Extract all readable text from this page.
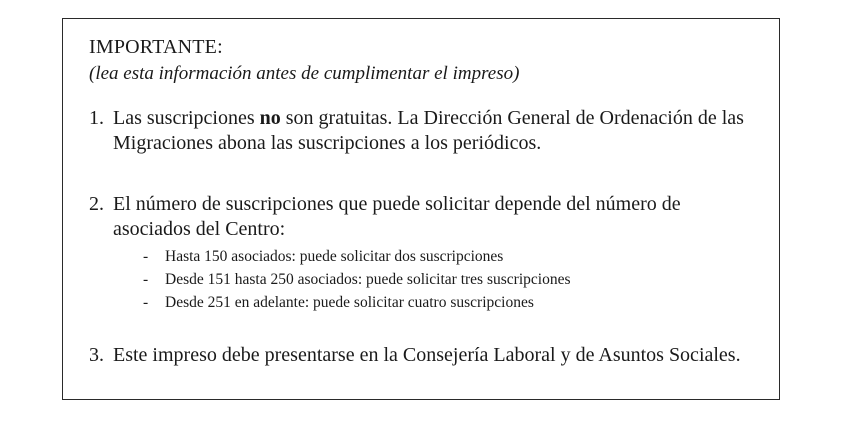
IMPORTANTE:
(lea esta información antes de cumplimentar el impreso)
1. Las suscripciones no son gratuitas. La Dirección General de Ordenación de las Migraciones abona las suscripciones a los periódicos.
2. El número de suscripciones que puede solicitar depende del número de asociados del Centro:
-	Hasta 150 asociados: puede solicitar dos suscripciones
-	Desde 151 hasta 250 asociados: puede solicitar tres suscripciones
-	Desde 251 en adelante: puede solicitar cuatro suscripciones
3. Este impreso debe presentarse en la Consejería Laboral y de Asuntos Sociales.
